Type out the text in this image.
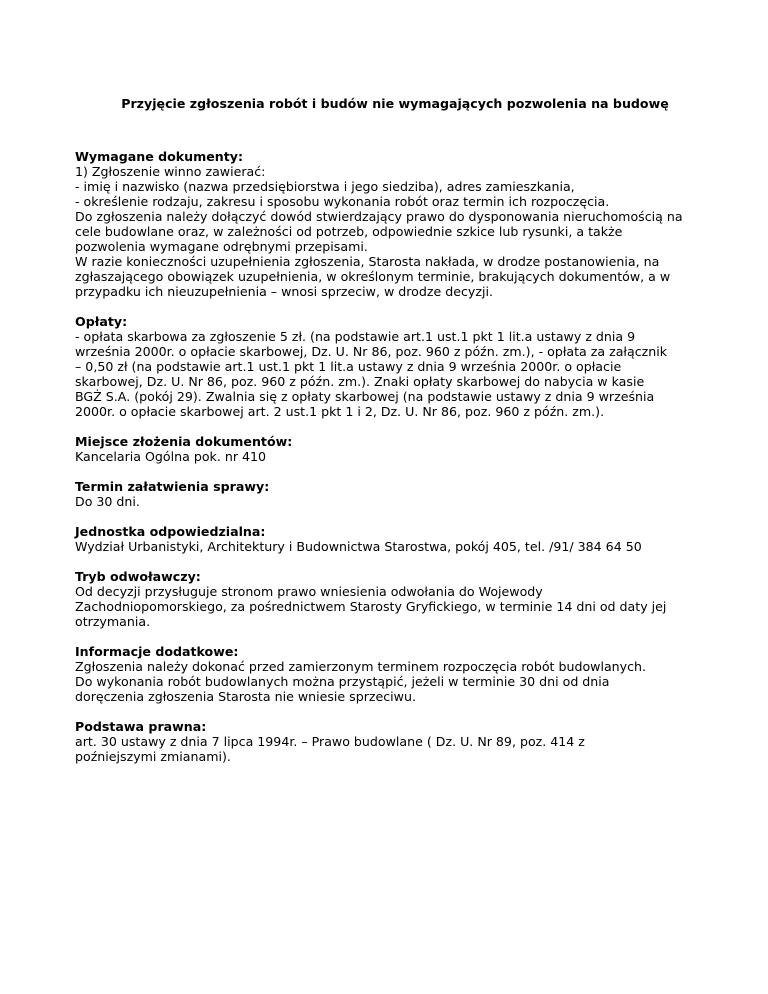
Przyjęcie zgłoszenia robót i budów nie wymagających pozwolenia na budowę
Wymagane dokumenty:
1) Zgłoszenie winno zawierać:
- imię i nazwisko (nazwa przedsiębiorstwa i jego siedziba), adres zamieszkania,
- określenie rodzaju, zakresu i sposobu wykonania robót oraz termin ich rozpoczęcia.
Do zgłoszenia należy dołączyć dowód stwierdzający prawo do dysponowania nieruchomością na
cele budowlane oraz, w zależności od potrzeb, odpowiednie szkice lub rysunki, a także
pozwolenia wymagane odrębnymi przepisami.
W razie konieczności uzupełnienia zgłoszenia, Starosta nakłada, w drodze postanowienia, na
zgłaszającego obowiązek uzupełnienia, w określonym terminie, brakujących dokumentów, a w
przypadku ich nieuzupełnienia – wnosi sprzeciw, w drodze decyzji.
Opłaty:
- opłata skarbowa za zgłoszenie 5 zł. (na podstawie art.1 ust.1 pkt 1 lit.a ustawy z dnia 9
września 2000r. o opłacie skarbowej, Dz. U. Nr 86, poz. 960 z późn. zm.), - opłata za załącznik
– 0,50 zł (na podstawie art.1 ust.1 pkt 1 lit.a ustawy z dnia 9 września 2000r. o opłacie
skarbowej, Dz. U. Nr 86, poz. 960 z późn. zm.). Znaki opłaty skarbowej do nabycia w kasie
BGŻ S.A. (pokój 29). Zwalnia się z opłaty skarbowej (na podstawie ustawy z dnia 9 września
2000r. o opłacie skarbowej art. 2 ust.1 pkt 1 i 2, Dz. U. Nr 86, poz. 960 z późn. zm.).
Miejsce złożenia dokumentów:
Kancelaria Ogólna pok. nr 410
Termin załatwienia sprawy:
Do 30 dni.
Jednostka odpowiedzialna:
Wydział Urbanistyki, Architektury i Budownictwa Starostwa, pokój 405, tel. /91/ 384 64 50
Tryb odwoławczy:
Od decyzji przysługuje stronom prawo wniesienia odwołania do Wojewody
Zachodniopomorskiego, za pośrednictwem Starosty Gryfickiego, w terminie 14 dni od daty jej
otrzymania.
Informacje dodatkowe:
Zgłoszenia należy dokonać przed zamierzonym terminem rozpoczęcia robót budowlanych.
Do wykonania robót budowlanych można przystąpić, jeżeli w terminie 30 dni od dnia
doręczenia zgłoszenia Starosta nie wniesie sprzeciwu.
Podstawa prawna:
art. 30 ustawy z dnia 7 lipca 1994r. – Prawo budowlane ( Dz. U. Nr 89, poz. 414 z
poźniejszymi zmianami).
